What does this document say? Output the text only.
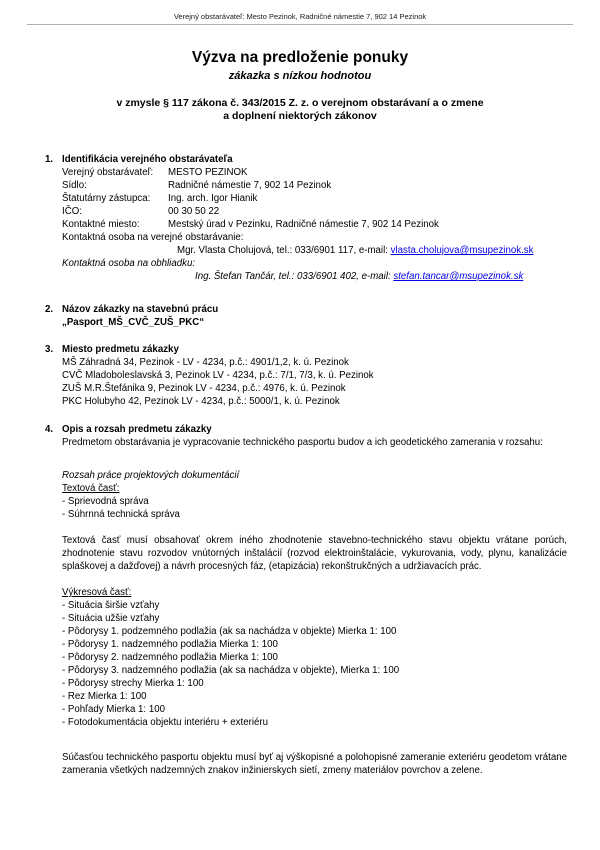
Verejný obstarávateľ: Mesto Pezinok, Radničné námestie 7, 902 14 Pezinok
Výzva na predloženie ponuky
zákazka s nízkou hodnotou
v zmysle § 117 zákona č. 343/2015 Z. z. o verejnom obstarávaní a o zmene
a doplnení niektorých zákonov
1. Identifikácia verejného obstarávateľa
Verejný obstarávateľ:	MESTO PEZINOK
Sídlo:	Radničné námestie 7, 902 14 Pezinok
Štatutárny zástupca:	Ing. arch. Igor Hianik
IČO:	00 30 50 22
Kontaktné miesto:	Mestský úrad v Pezinku, Radničné námestie 7, 902 14 Pezinok
Kontaktná osoba na verejné obstarávanie:
Mgr. Vlasta Cholujová, tel.: 033/6901 117, e-mail: vlasta.cholujova@msupezinok.sk
Kontaktná osoba na obhliadku:
Ing. Štefan Tančár, tel.: 033/6901 402, e-mail: stefan.tancar@msupezinok.sk
2. Názov zákazky na stavebnú prácu
„Pasport_MŠ_CVČ_ZUŠ_PKC“
3. Miesto predmetu zákazky
MŠ Záhradná 34, Pezinok - LV - 4234, p.č.: 4901/1,2, k. ú. Pezinok
CVČ Mladoboleslavská 3, Pezinok LV - 4234, p.č.: 7/1, 7/3, k. ú. Pezinok
ZUŠ M.R.Štefánika 9, Pezinok LV - 4234, p.č.: 4976, k. ú. Pezinok
PKC Holubyho 42, Pezinok LV - 4234, p.č.: 5000/1, k. ú. Pezinok
4. Opis a rozsah predmetu zákazky
Predmetom obstarávania je vypracovanie technického pasportu budov a ich geodetického zamerania v rozsahu:
Rozsah práce projektových dokumentácií
Textová časť:
- Sprievodná správa
- Súhrnná technická správa
Textová časť musí obsahovať okrem iného zhodnotenie stavebno-technického stavu objektu vrátane porúch, zhodnotenie stavu rozvodov vnútorných inštalácií (rozvod elektroinštalácie, vykurovania, vody, plynu, kanalizácie splaškovej a dažďovej) a návrh procesných fáz, (etapizácia) rekonštrukčných a udržiavacích prác.
Výkresová časť:
- Situácia širšie vzťahy
- Situácia užšie vzťahy
- Pôdorysy 1. podzemného podlažia (ak sa nachádza v objekte) Mierka 1: 100
- Pôdorysy 1. nadzemného podlažia Mierka 1: 100
- Pôdorysy 2. nadzemného podlažia Mierka 1: 100
- Pôdorysy 3. nadzemného podlažia (ak sa nachádza v objekte), Mierka 1: 100
- Pôdorysy strechy Mierka 1: 100
- Rez Mierka 1: 100
- Pohľady Mierka 1: 100
- Fotodokumentácia objektu interiéru + exteriéru
Súčasťou technického pasportu objektu musí byť aj výškopisné a polohopisné zameranie exteriéru geodetom vrátane zamerania všetkých nadzemných znakov inžinierskych sietí, zmeny materiálov povrchov a zelene.
